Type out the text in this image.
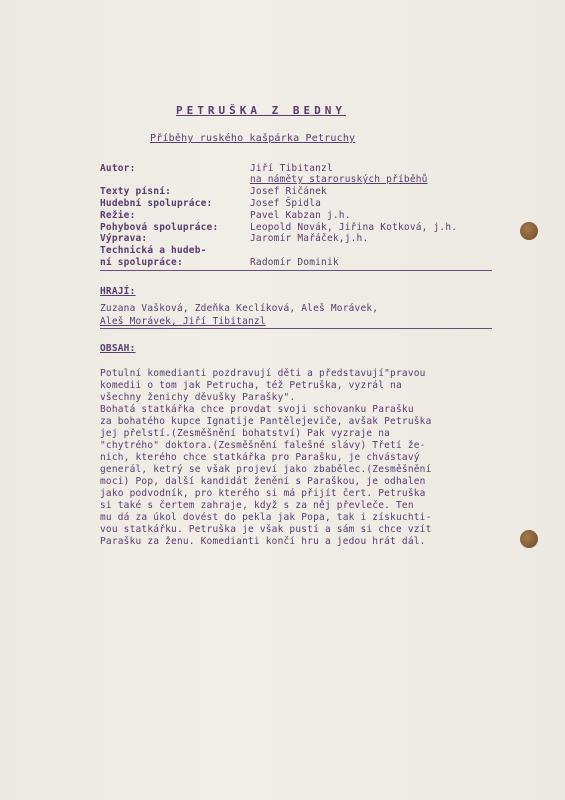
PETRUŠKA Z BEDNY
Příběhy ruského kašpárka Petruchy
Autor:	Jiří Tibitanzl
na náměty staroruských příběhů
Texty písní:	Josef Ričánek
Hudební spolupráce:	Josef Špidla
Režie:	Pavel Kabzan j.h.
Pohybová spolupráce:	Leopold Novák, Jiřina Kotková, j.h.
Výprava:	Jaromír Mařáček,j.h.
Technická a hudeb-
ní spolupráce:	Radomír Dominik
HRAJÍ:
Zuzana Vašková, Zdeňka Keclíková, Aleš Morávek,
Aleš Morávek, Jiří Tibitanzl
OBSAH:
Potulní komedianti pozdravují děti a představují"pravou
komedii o tom jak Petrucha, též Petruška, vyzrál na
všechny ženichy děvušky Parašky".
Bohatá statkářka chce provdat svoji schovanku Parašku
za bohatého kupce Ignatije Pantělejeviče, avšak Petruška
jej přelstí.(Zesměšnění bohatství) Pak vyzraje na
"chytrého" doktora.(Zesměšnění falešné slávy) Třetí že-
nich, kterého chce statkářka pro Parašku, je chvástavý
generál, ketrý se však projeví jako zbabělec.(Zesměšnění
moci) Pop, další kandidát ženění s Paraškou, je odhalen
jako podvodník, pro kterého si má přijít čert. Petruška
si také s čertem zahraje, když s za něj převleče. Ten
mu dá za úkol dovést do pekla jak Popa, tak i získuchti-
vou statkářku. Petruška je však pustí a sám si chce vzít
Parašku za ženu. Komedianti končí hru a jedou hrát dál.
